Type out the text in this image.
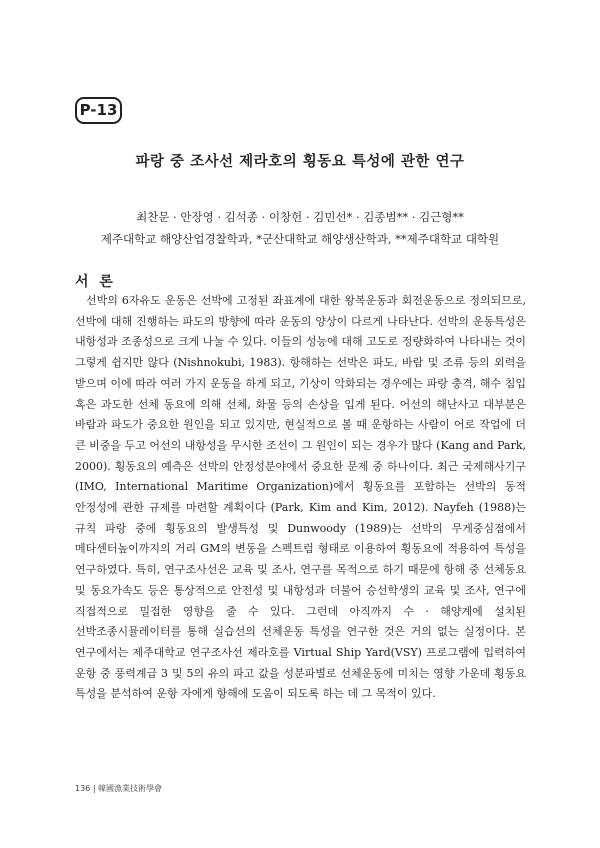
P-13
파랑 중 조사선 제라호의 횡동요 특성에 관한 연구
최찬문 · 안장영 · 김석종 · 이창헌 · 김민선* · 김종범** · 김근형**
제주대학교 해양산업경찰학과, *군산대학교 해양생산학과, **제주대학교 대학원
서 론
선박의 6자유도 운동은 선박에 고정된 좌표계에 대한 왕복운동과 회전운동으로 정의되므로, 선박에 대해 진행하는 파도의 방향에 따라 운동의 양상이 다르게 나타난다. 선박의 운동특성은 내항성과 조종성으로 크게 나눌 수 있다. 이들의 성능에 대해 고도로 정량화하여 나타내는 것이 그렇게 쉽지만 않다 (Nishnokubi, 1983). 항해하는 선박은 파도, 바람 및 조류 등의 외력을 받으며 이에 따라 여러 가지 운동을 하게 되고, 기상이 악화되는 경우에는 파랑 충격, 해수 침입 혹은 과도한 선체 동요에 의해 선체, 화물 등의 손상을 입게 된다. 어선의 해난사고 대부분은 바람과 파도가 중요한 원인을 되고 있지만, 현실적으로 볼 때 운항하는 사람이 어로 작업에 더 큰 비중을 두고 어선의 내항성을 무시한 조선이 그 원인이 되는 경우가 많다 (Kang and Park, 2000). 횡동요의 예측은 선박의 안정성분야에서 중요한 문제 중 하나이다. 최근 국제해사기구(IMO, International Maritime Organization)에서 횡동요를 포함하는 선박의 동적 안정성에 관한 규제를 마련할 계획이다 (Park, Kim and Kim, 2012). Nayfeh (1988)는 규칙 파랑 중에 횡동요의 발생특성 및 Dunwoody (1989)는 선박의 무게중심점에서 메타센터높이까지의 거리 GM의 변동을 스펙트럼 형태로 이용하여 횡동요에 적용하여 특성을 연구하였다. 특히, 연구조사선은 교육 및 조사, 연구를 목적으로 하기 때문에 항해 중 선체동요 및 동요가속도 등은 통상적으로 안전성 및 내항성과 더불어 승선학생의 교육 및 조사, 연구에 직접적으로 밀접한 영향을 줄 수 있다. 그런데 아직까지 수 · 해양계에 설치된 선박조종시뮬레이터를 통해 실습선의 선체운동 특성을 연구한 것은 거의 없는 실정이다. 본 연구에서는 제주대학교 연구조사선 제라호를 Virtual Ship Yard(VSY) 프로그램에 입력하여 운항 중 풍력계급 3 및 5의 유의 파고 값을 성분파별로 선체운동에 미치는 영향 가운데 횡동요 특성을 분석하여 운항 자에게 항해에 도움이 되도록 하는 데 그 목적이 있다.
136 | 韓國漁業技術學會
